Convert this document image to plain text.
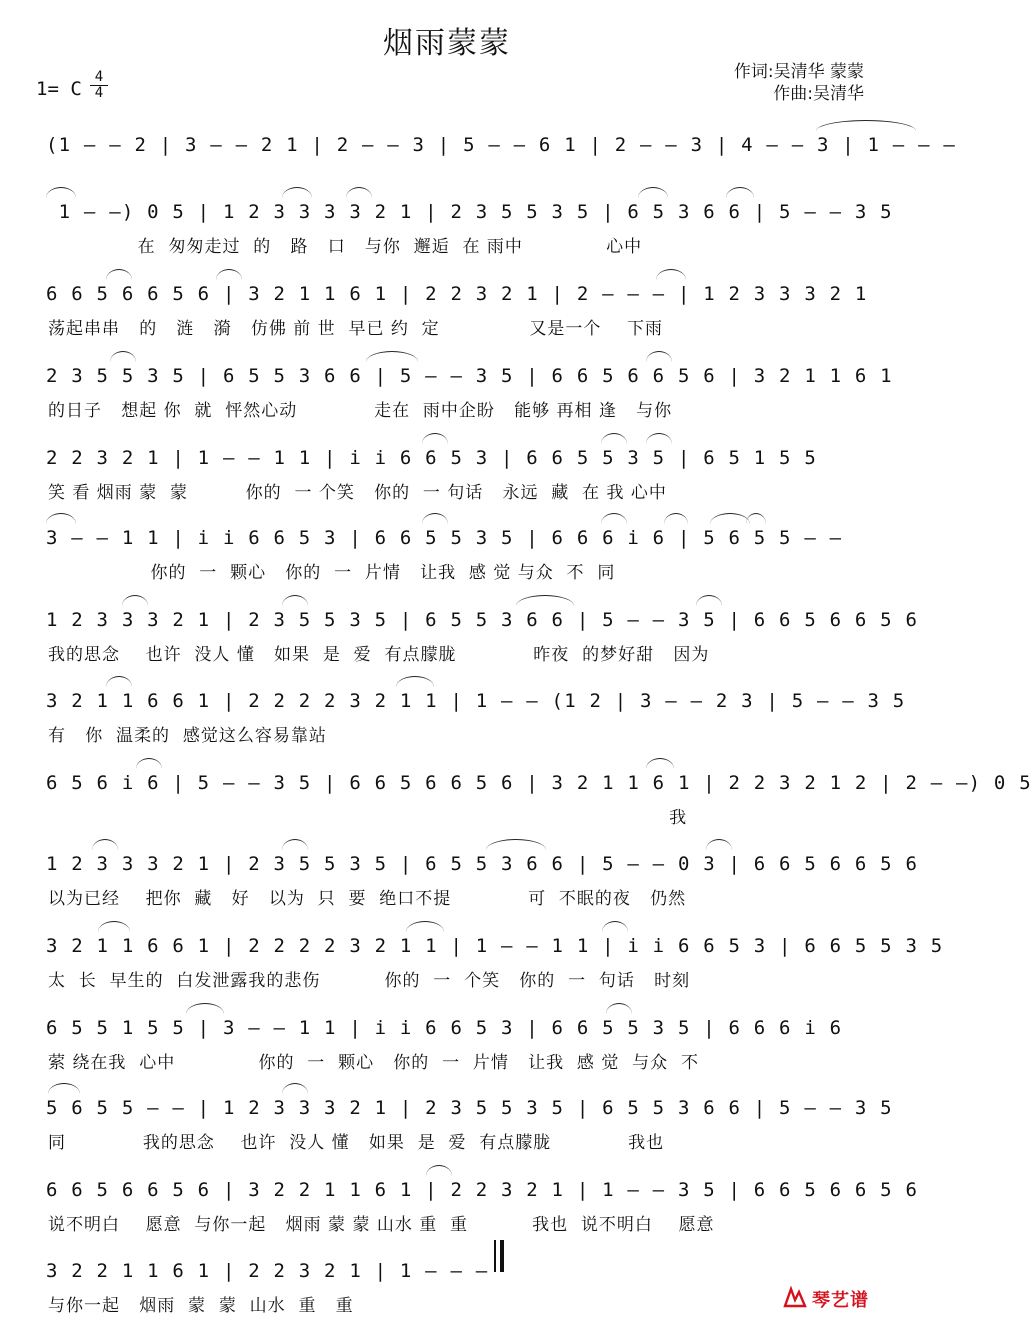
烟雨蒙蒙
1= C
4
4
作词:吴清华 蒙蒙
作曲:吴清华
(1 — — 2 | 3 — — 2 1 | 2 — — 3 | 5 — — 6 1 | 2 — — 3 | 4 — — 3 | 1 — — —
1 — —) 0 5 | 1 2 3 3 3 3 2 1 | 2 3 5 5 3 5 | 6 5 3 6 6 | 5 — — 3 5
在  匆匆走过  的   路   口   与你  邂逅  在 雨中             心中
6 6 5 6 6 5 6 | 3 2 1 1 6 1 | 2 2 3 2 1 | 2 — — — | 1 2 3 3 3 2 1
荡起串串   的   涟   漪   仿佛 前 世  早已 约  定              又是一个    下雨
2 3 5 5 3 5 | 6 5 5 3 6 6 | 5 — — 3 5 | 6 6 5 6 6 5 6 | 3 2 1 1 6 1
的日子   想起 你  就  怦然心动            走在  雨中企盼   能够 再相 逢   与你
2 2 3 2 1 | 1 — — 1 1 | i i 6 6 5 3 | 6 6 5 5 3 5 | 6 5 1 5 5
笑 看 烟雨 蒙  蒙         你的  一 个笑   你的  一 句话   永远  藏  在 我 心中
3 — — 1 1 | i i 6 6 5 3 | 6 6 5 5 3 5 | 6 6 6 i 6 | 5 6 5 5 — —
你的  一  颗心   你的  一  片情   让我  感 觉 与众  不  同
1 2 3 3 3 2 1 | 2 3 5 5 3 5 | 6 5 5 3 6 6 | 5 — — 3 5 | 6 6 5 6 6 5 6
我的思念    也许  没人 懂   如果  是  爱  有点朦胧            昨夜  的梦好甜   因为
3 2 1 1 6 6 1 | 2 2 2 2 3 2 1 1 | 1 — — (1 2 | 3 — — 2 3 | 5 — — 3 5
有   你  温柔的  感觉这么容易靠站
6 5 6 i 6 | 5 — — 3 5 | 6 6 5 6 6 5 6 | 3 2 1 1 6 1 | 2 2 3 2 1 2 | 2 — —) 0 5
我
1 2 3 3 3 2 1 | 2 3 5 5 3 5 | 6 5 5 3 6 6 | 5 — — 0 3 | 6 6 5 6 6 5 6
以为已经    把你  藏   好   以为  只  要  绝口不提            可  不眠的夜   仍然
3 2 1 1 6 6 1 | 2 2 2 2 3 2 1 1 | 1 — — 1 1 | i i 6 6 5 3 | 6 6 5 5 3 5
太  长  早生的  白发泄露我的悲伤          你的  一  个笑   你的  一  句话   时刻
6 5 5 1 5 5 | 3 — — 1 1 | i i 6 6 5 3 | 6 6 5 5 3 5 | 6 6 6 i 6
萦 绕在我  心中             你的  一  颗心   你的  一  片情   让我  感 觉  与众  不
5 6 5 5 — — | 1 2 3 3 3 2 1 | 2 3 5 5 3 5 | 6 5 5 3 6 6 | 5 — — 3 5
同            我的思念    也许  没人 懂   如果  是  爱  有点朦胧            我也
6 6 5 6 6 5 6 | 3 2 2 1 1 6 1 | 2 2 3 2 1 | 1 — — 3 5 | 6 6 5 6 6 5 6
说不明白    愿意  与你一起   烟雨 蒙 蒙 山水 重  重          我也  说不明白    愿意
3 2 2 1 1 6 1 | 2 2 3 2 1 | 1 — — —
与你一起   烟雨  蒙  蒙  山水  重   重	琴艺谱
